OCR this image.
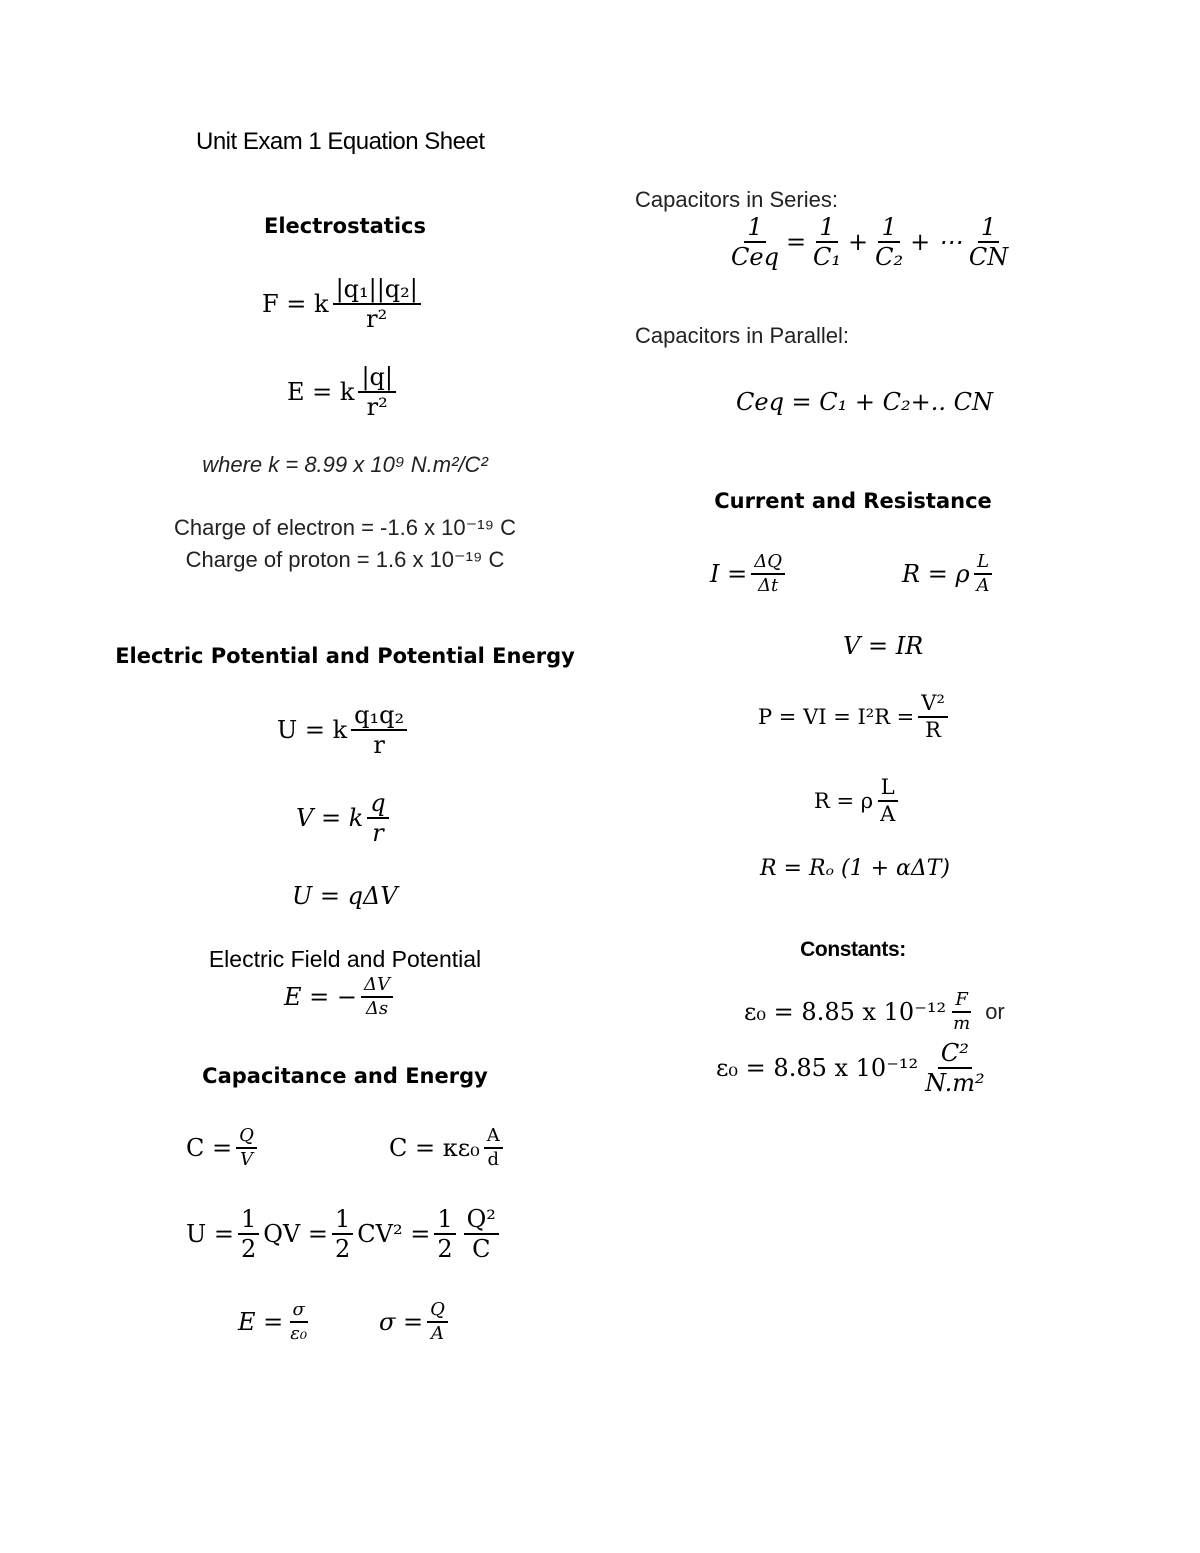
Unit Exam 1 Equation Sheet
Electrostatics
F = k $\frac{\text{|q₁||q₂|}}{\text{r²}}$
E = k $\frac{|q|}{\text{r²}}$
where k = 8.99 x 10⁹ N.m²/C²
Charge of electron = -1.6 x 10⁻¹⁹ C
Charge of proton = 1.6 x 10⁻¹⁹ C
Electric Potential and Potential Energy
U = k $\frac{\text{q₁q₂}}{r}$
V = k $\frac{q}{r}$
U = qΔV
Electric Field and Potential
E = − $\frac{\Delta V}{\Delta s}$
Capacitance and Energy
$C = \frac{Q}{V}$	$C = \kappa\varepsilon_0 \frac{A}{d}$
$U = \frac{1}{2}$ QV = $\frac{1}{2} CV^2 = \frac{1}{2} \frac{\text{Q²}}{C}$
$E = \frac{\sigma}{\text{ε₀}}$	$\sigma = \frac{Q}{A}$
Capacitors in Series:
$\frac{1}{\text{Ceq}} = \frac{1}{\text{C₁}} + \frac{1}{\text{C₂}}$ + ⋯ $\frac{1}{CN}$
Capacitors in Parallel:
Ceq = C₁ + C₂+.. CN
Current and Resistance
$I = \frac{\Delta Q}{\Delta t}$	R = ρ $\frac{L}{A}$
V = IR
P = VI = $I^2R = \frac{\text{V²}}{R}$
R = ρ $\frac{L}{A}$
R = Rₒ (1 + αΔT)
Constants:
ε₀ = 8.85 x $10^{-12} \frac{F}{m}$ or
ε₀ = 8.85 x $10^{-12} \frac{\text{C²}}{\text{N.m²}}$
